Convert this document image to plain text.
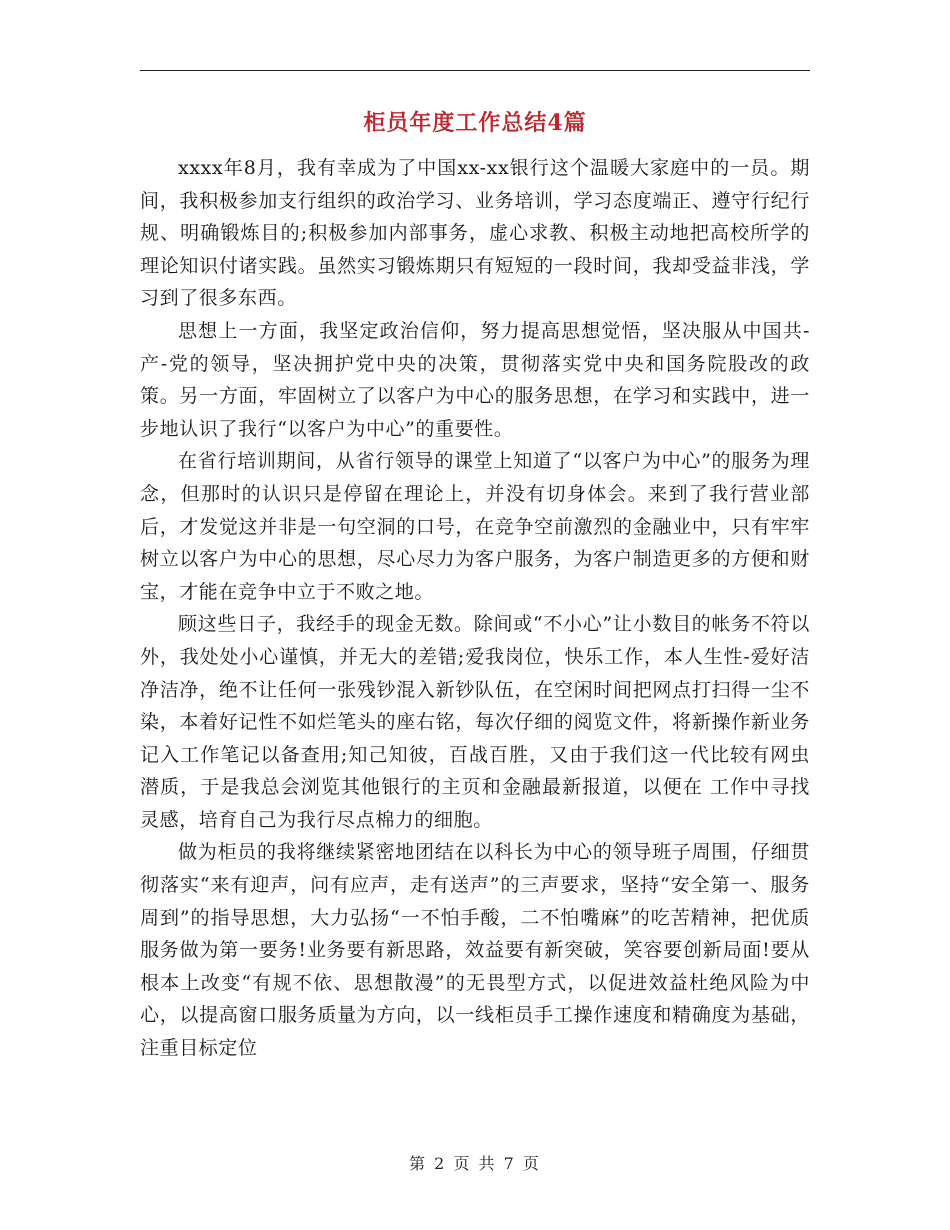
柜员年度工作总结4篇

xxxx年8月，我有幸成为了中国xx-xx银行这个温暖大家庭中的一员。期间，我积极参加支行组织的政治学习、业务培训，学习态度端正、遵守行纪行规、明确锻炼目的;积极参加内部事务，虚心求教、积极主动地把高校所学的理论知识付诸实践。虽然实习锻炼期只有短短的一段时间，我却受益非浅，学习到了很多东西。

思想上一方面，我坚定政治信仰，努力提高思想觉悟，坚决服从中国共-产-党的领导，坚决拥护党中央的决策，贯彻落实党中央和国务院股改的政策。另一方面，牢固树立了以客户为中心的服务思想，在学习和实践中，进一步地认识了我行“以客户为中心”的重要性。

在省行培训期间，从省行领导的课堂上知道了“以客户为中心”的服务为理念，但那时的认识只是停留在理论上，并没有切身体会。来到了我行营业部后，才发觉这并非是一句空洞的口号，在竞争空前激烈的金融业中，只有牢牢树立以客户为中心的思想，尽心尽力为客户服务，为客户制造更多的方便和财宝，才能在竞争中立于不败之地。

顾这些日子，我经手的现金无数。除间或“不小心”让小数目的帐务不符以外，我处处小心谨慎，并无大的差错;爱我岗位，快乐工作，本人生性-爱好洁净洁净，绝不让任何一张残钞混入新钞队伍，在空闲时间把网点打扫得一尘不染，本着好记性不如烂笔头的座右铭，每次仔细的阅览文件，将新操作新业务记入工作笔记以备查用;知己知彼，百战百胜，又由于我们这一代比较有网虫潜质，于是我总会浏览其他银行的主页和金融最新报道，以便在 工作中寻找灵感，培育自己为我行尽点棉力的细胞。

做为柜员的我将继续紧密地团结在以科长为中心的领导班子周围，仔细贯彻落实“来有迎声，问有应声，走有送声”的三声要求，坚持“安全第一、服务周到”的指导思想，大力弘扬“一不怕手酸，二不怕嘴麻”的吃苦精神，把优质服务做为第一要务!业务要有新思路，效益要有新突破，笑容要创新局面!要从根本上改变“有规不依、思想散漫”的无畏型方式，以促进效益杜绝风险为中心，以提高窗口服务质量为方向，以一线柜员手工操作速度和精确度为基础，注重目标定位

第 2 页 共 7 页
